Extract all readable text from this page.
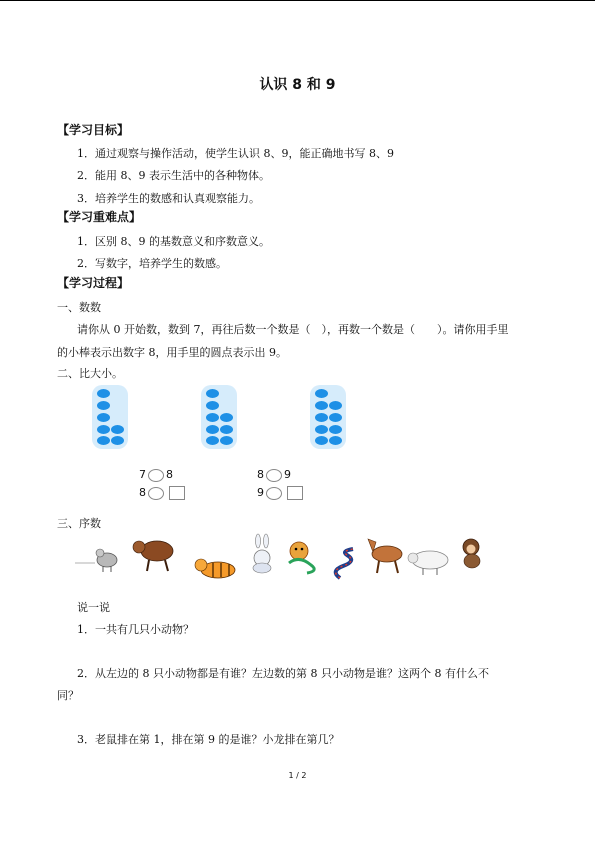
认识 8 和 9
【学习目标】
1．通过观察与操作活动，使学生认识 8、9，能正确地书写 8、9
2．能用 8、9 表示生活中的各种物体。
3．培养学生的数感和认真观察能力。
【学习重难点】
1．区别 8、9 的基数意义和序数意义。
2．写数字，培养学生的数感。
【学习过程】
一、数数
请你从 0 开始数，数到 7，再往后数一个数是（　），再数一个数是（　　）。请你用手里
的小棒表示出数字 8，用手里的圆点表示出 9。
二、比大小。
7 8
8
8 9
9
三、序数
说一说
1．一共有几只小动物？
2．从左边的 8 只小动物都是有谁？左边数的第 8 只小动物是谁？这两个 8 有什么不
同？
3．老鼠排在第 1，排在第 9 的是谁？小龙排在第几？
1 / 2
